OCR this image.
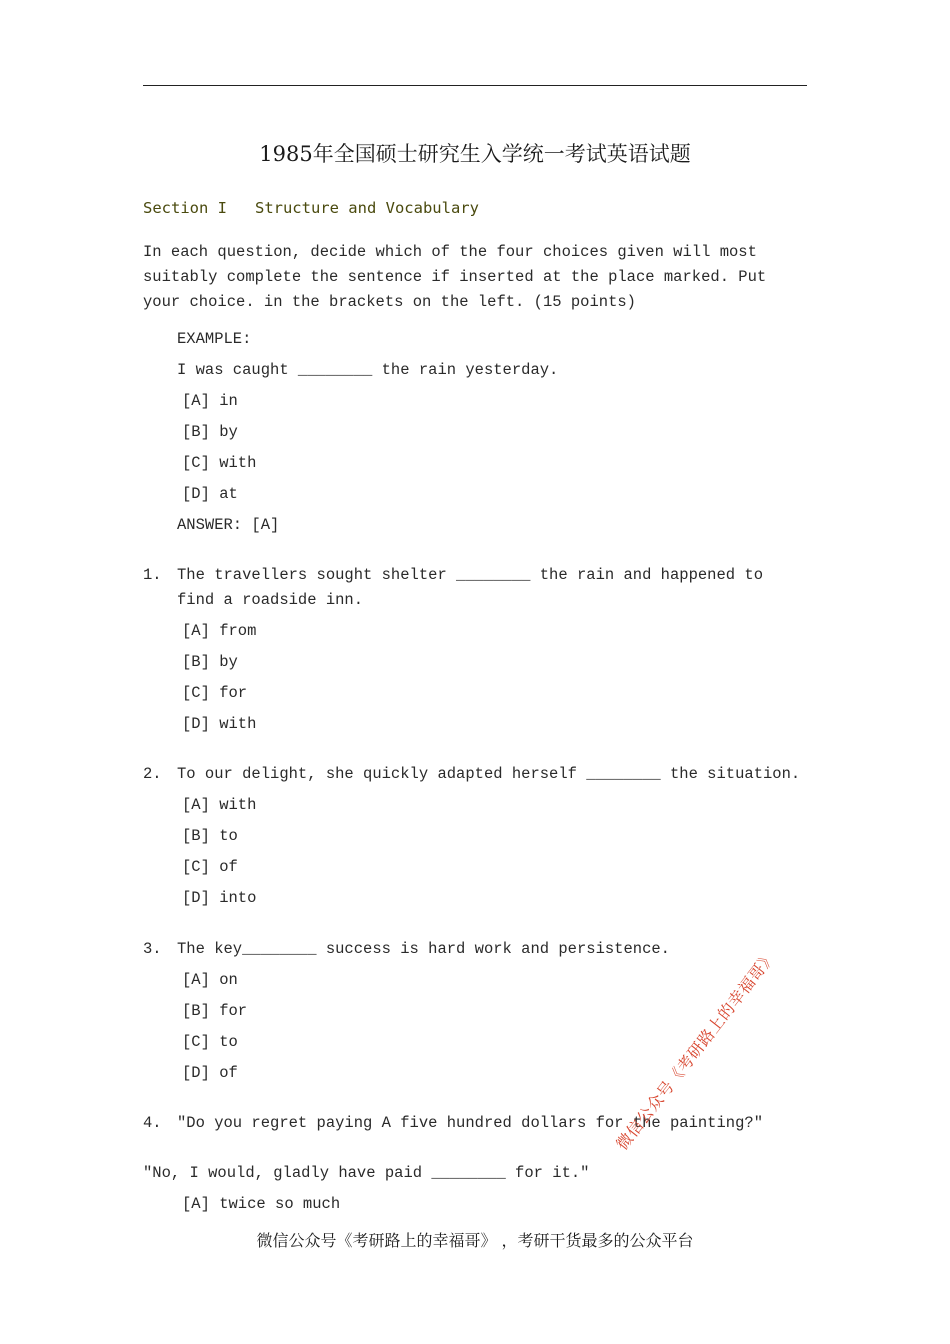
1985年全国硕士研究生入学统一考试英语试题
Section I   Structure and Vocabulary
In each question, decide which of the four choices given will most suitably complete the sentence if inserted at the place marked. Put your choice. in the brackets on the left. (15 points)
EXAMPLE:
I was caught ________ the rain yesterday.
[A] in
[B] by
[C] with
[D] at
ANSWER: [A]
1. The travellers sought shelter ________ the rain and happened to find a roadside inn.
[A] from
[B] by
[C] for
[D] with
2. To our delight, she quickly adapted herself ________ the situation.
[A] with
[B] to
[C] of
[D] into
3. The key________ success is hard work and persistence.
[A] on
[B] for
[C] to
[D] of
4. "Do you regret paying A five hundred dollars for the painting?"
"No, I would, gladly have paid ________ for it."
[A] twice so much
微信公众号《考研路上的幸福哥》
微信公众号《考研路上的幸福哥》 ，考研干货最多的公众平台
